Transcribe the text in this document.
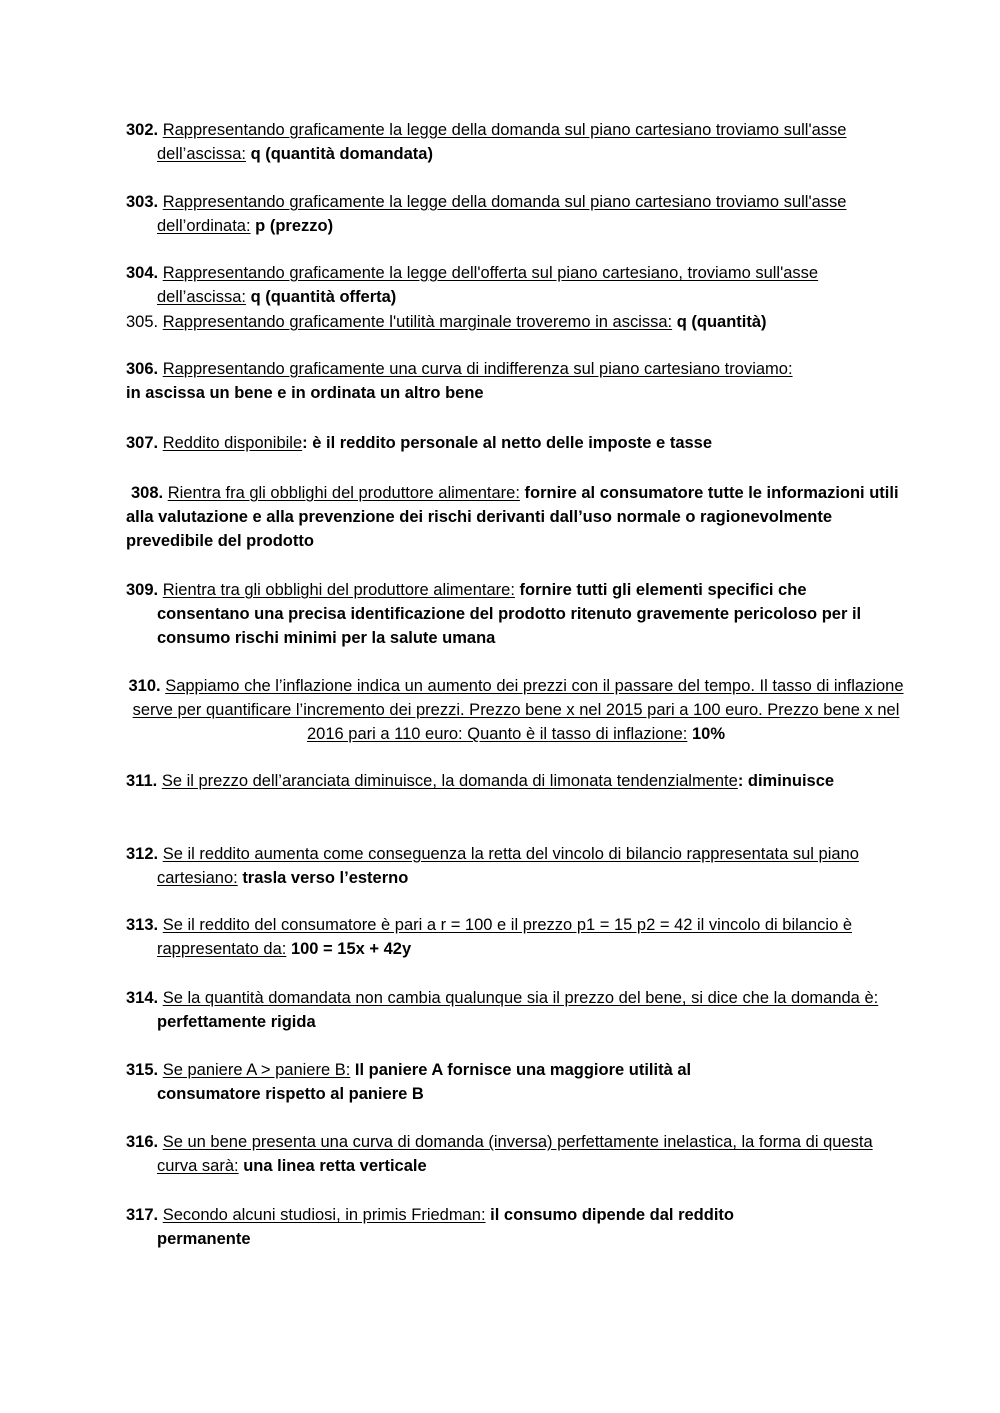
302. Rappresentando graficamente la legge della domanda sul piano cartesiano troviamo sull'asse dell’ascissa: q (quantità domandata)
303. Rappresentando graficamente la legge della domanda sul piano cartesiano troviamo sull'asse dell’ordinata: p (prezzo)
304. Rappresentando graficamente la legge dell'offerta sul piano cartesiano, troviamo sull'asse dell’ascissa: q (quantità offerta)
305. Rappresentando graficamente l'utilità marginale troveremo in ascissa: q (quantità)
306. Rappresentando graficamente una curva di indifferenza sul piano cartesiano troviamo:
in ascissa un bene e in ordinata un altro bene
307. Reddito disponibile: è il reddito personale al netto delle imposte e tasse
308. Rientra fra gli obblighi del produttore alimentare: fornire al consumatore tutte le informazioni utili alla valutazione e alla prevenzione dei rischi derivanti dall’uso normale o ragionevolmente prevedibile del prodotto
309. Rientra tra gli obblighi del produttore alimentare: fornire tutti gli elementi specifici che consentano una precisa identificazione del prodotto ritenuto gravemente pericoloso per il consumo rischi minimi per la salute umana
310. Sappiamo che l’inflazione indica un aumento dei prezzi con il passare del tempo. Il tasso di inflazione serve per quantificare l’incremento dei prezzi. Prezzo bene x nel 2015 pari a 100 euro. Prezzo bene x nel 2016 pari a 110 euro: Quanto è il tasso di inflazione: 10%
311. Se il prezzo dell’aranciata diminuisce, la domanda di limonata tendenzialmente: diminuisce
312. Se il reddito aumenta come conseguenza la retta del vincolo di bilancio rappresentata sul piano cartesiano: trasla verso l’esterno
313. Se il reddito del consumatore è pari a r = 100 e il prezzo p1 = 15 p2 = 42 il vincolo di bilancio è rappresentato da: 100 = 15x + 42y
314. Se la quantità domandata non cambia qualunque sia il prezzo del bene, si dice che la domanda è: perfettamente rigida
315. Se paniere A > paniere B: Il paniere A fornisce una maggiore utilità al consumatore rispetto al paniere B
316. Se un bene presenta una curva di domanda (inversa) perfettamente inelastica, la forma di questa curva sarà: una linea retta verticale
317. Secondo alcuni studiosi, in primis Friedman: il consumo dipende dal reddito permanente
